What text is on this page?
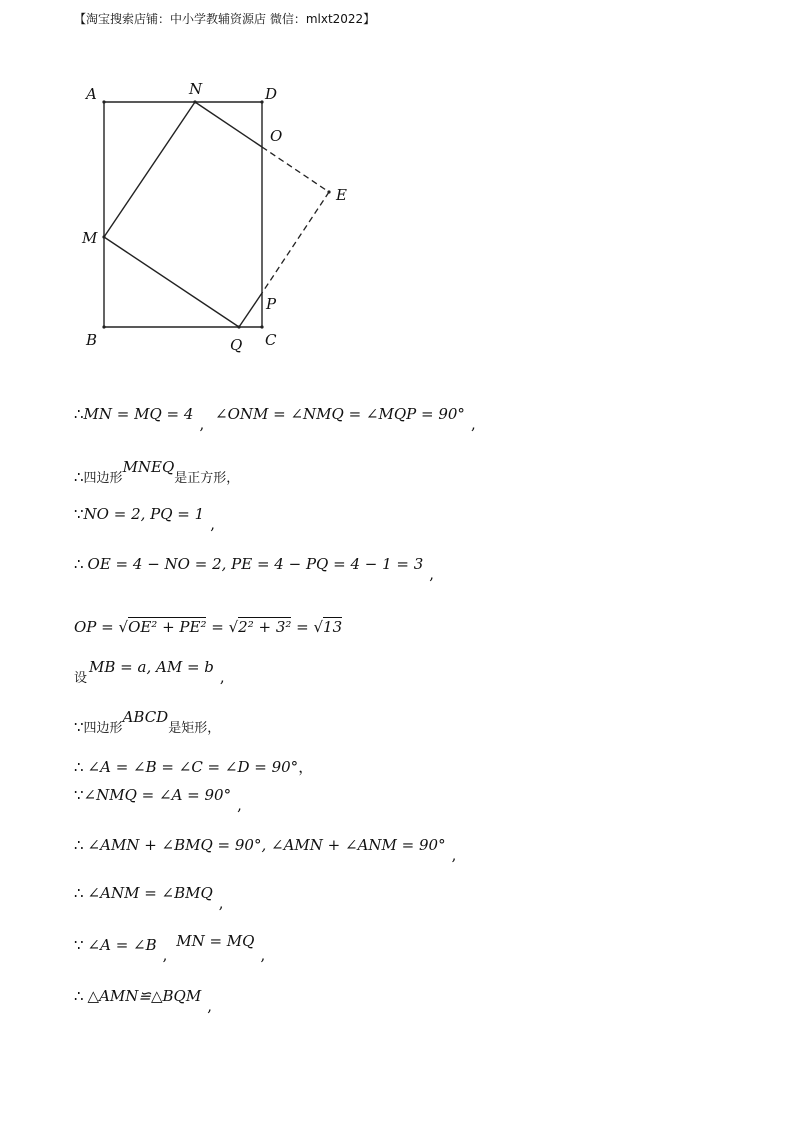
【淘宝搜索店铺：中小学教辅资源店 微信：mlxt2022】
A	N	D
O
E
M
P
B	Q C
∴MN = MQ = 4, ∠ONM = ∠NMQ = ∠MQP = 90°,
∴四边形MNEQ是正方形，
∵NO = 2, PQ = 1,
∴ OE = 4 − NO = 2, PE = 4 − PQ = 4 − 1 = 3,
OP = √OE² + PE² = √2² + 3² = √13
设MB = a, AM = b,
∵四边形ABCD是矩形，
∴ ∠A = ∠B = ∠C = ∠D = 90°，
∵∠NMQ = ∠A = 90°,
∴ ∠AMN + ∠BMQ = 90°, ∠AMN + ∠ANM = 90°,
∴ ∠ANM = ∠BMQ,
∵ ∠A = ∠B, MN = MQ,
∴ △AMN≌△BQM,
